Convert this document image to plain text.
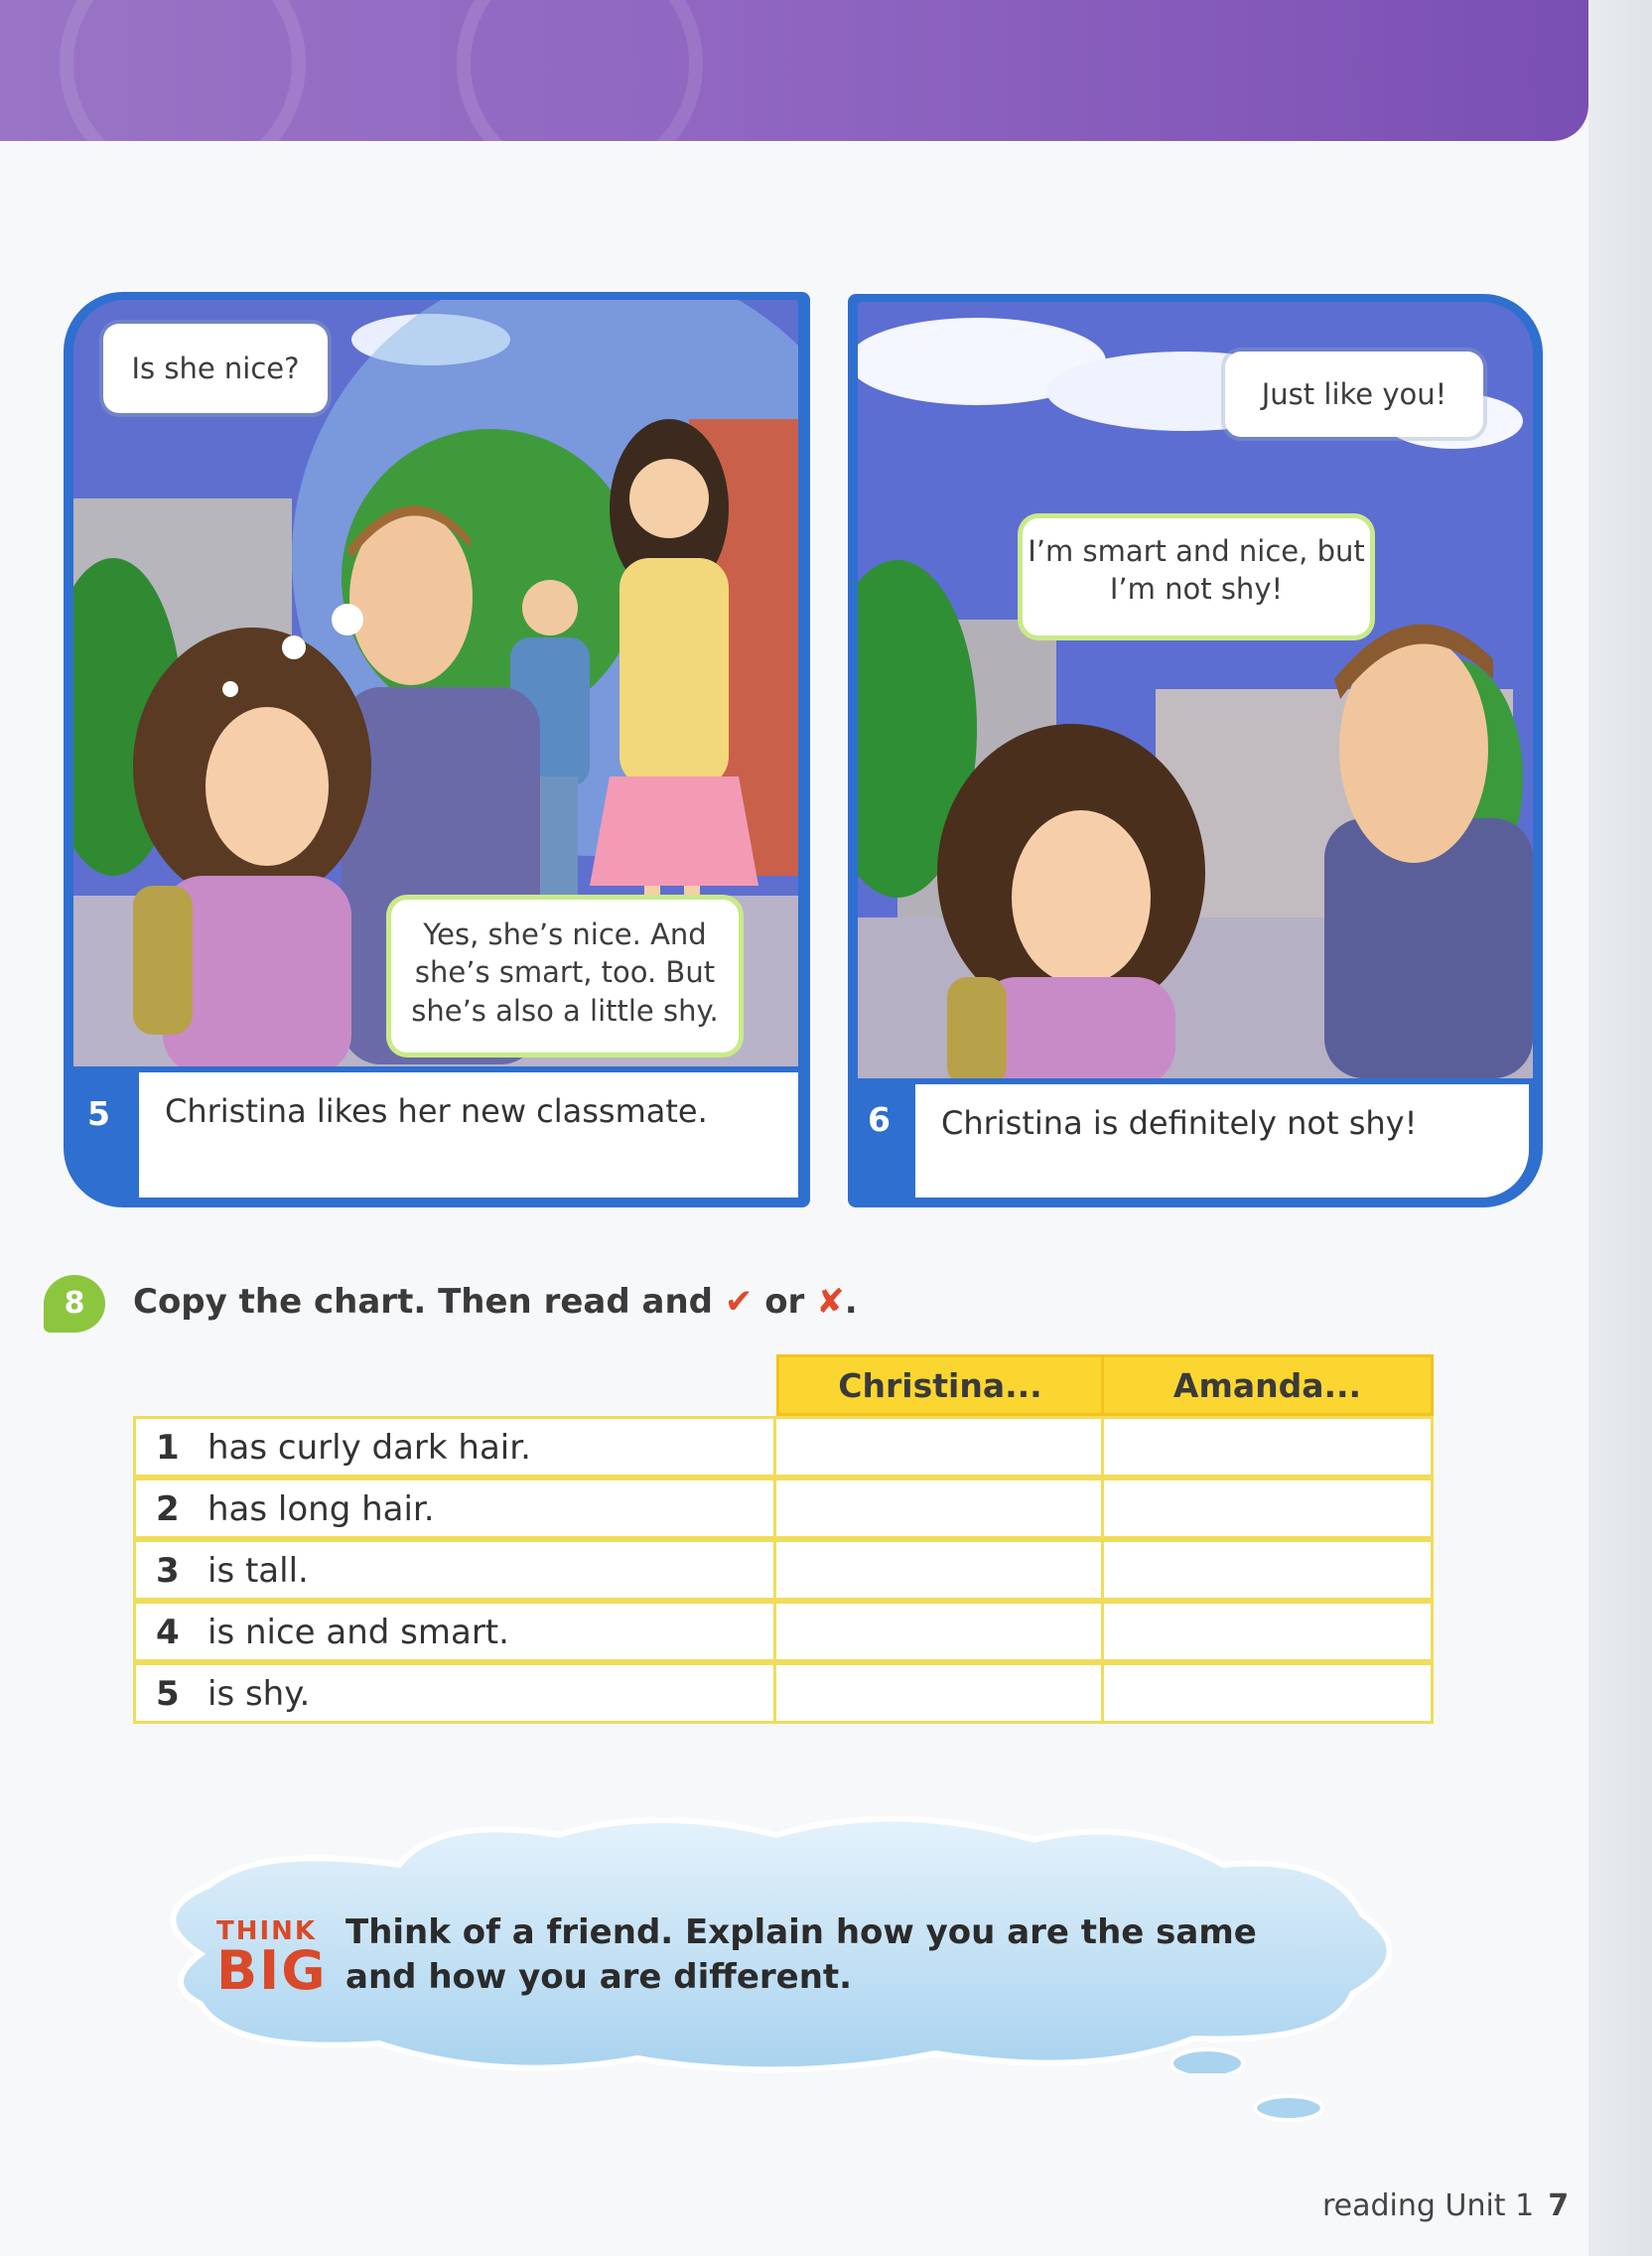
Is she nice?
Yes, she’s nice. And she’s smart, too. But she’s also a little shy.
5 Christina likes her new classmate.
Just like you!
I’m smart and nice, but I’m not shy!
6 Christina is definitely not shy!
8	Copy the chart. Then read and ✔ or ✘.
Christina...	Amanda...
1 has curly dark hair.
2 has long hair.
3 is tall.
4 is nice and smart.
5 is shy.
THINK
BIG
Think of a friend. Explain how you are the same and how you are different.
reading Unit 1 7
